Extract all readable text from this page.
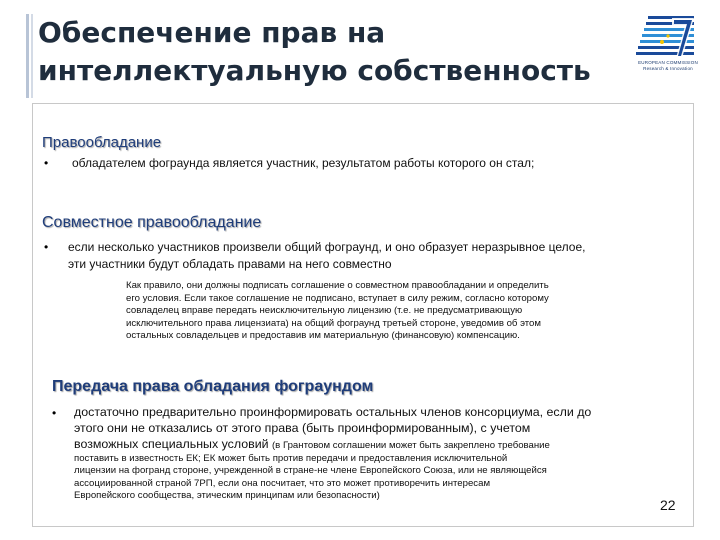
Обеспечение прав на интеллектуальную собственность	EUROPEAN COMMISSION
Research & Innovation
Правообладание
• обладателем фограунда является участник, результатом работы которого он стал;
Совместное правообладание
• если несколько участников произвели общий фограунд, и оно образует неразрывное целое,
эти участники будут обладать правами на него совместно
Как правило, они должны подписать соглашение о совместном правообладании и определить
его условия. Если такое соглашение не подписано, вступает в силу режим, согласно которому
совладелец вправе передать неисключительную лицензию (т.е. не предусматривающую
исключительного права лицензиата) на общий фограунд третьей стороне, уведомив об этом
остальных совладельцев и предоставив им материальную (финансовую) компенсацию.
Передача права обладания фограундом
• достаточно предварительно проинформировать остальных членов консорциума, если до
этого они не отказались от этого права (быть проинформированным), с учетом
возможных специальных условий (в Грантовом соглашении может быть закреплено требование
поставить в известность ЕК; ЕК может быть против передачи и предоставления исключительной
лицензии на фогранд стороне, учрежденной в стране-не члене Европейского Союза, или не являющейся
ассоциированной страной 7РП, если она посчитает, что это может противоречить интересам
Европейского сообщества, этическим принципам или безопасности)
22
